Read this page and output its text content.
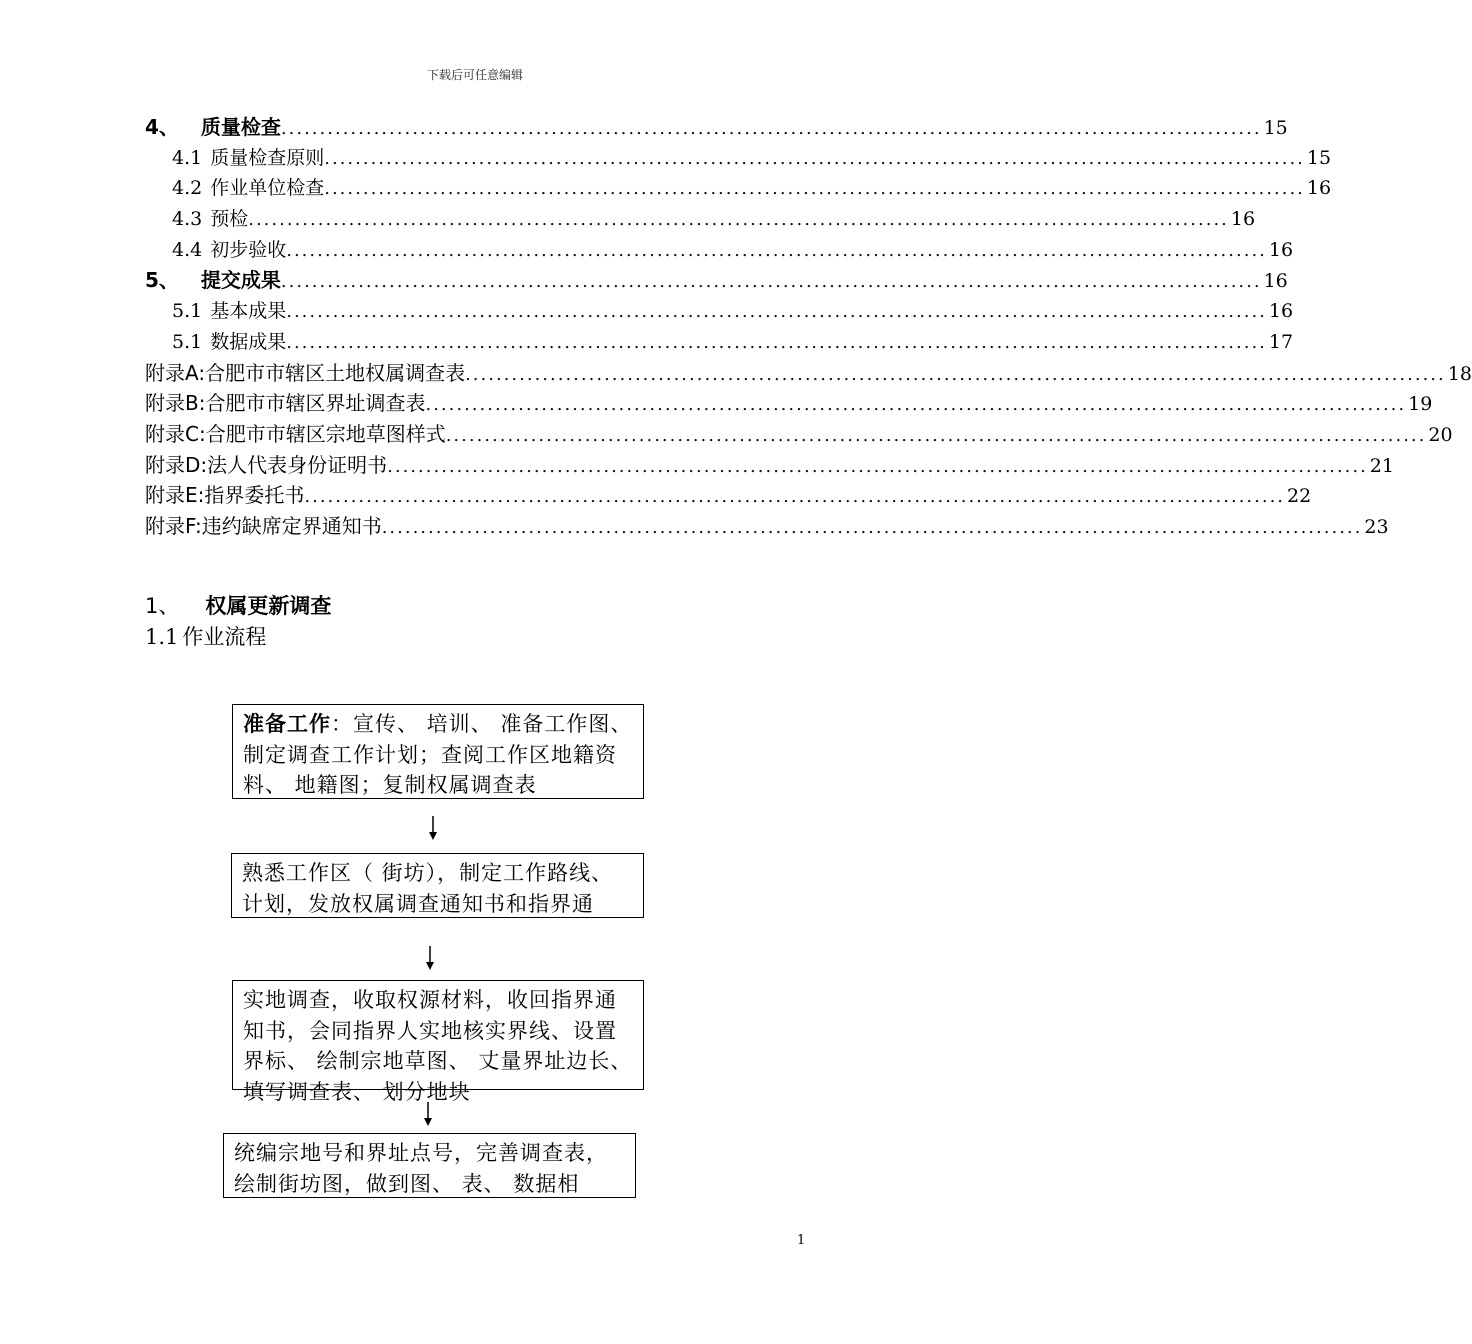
下载后可任意编辑
4、 质量检查 .....	15
4.1 质量检查原则 .....	15
4.2 作业单位检查 .....	16
4.3 预检 .....	16
4.4 初步验收 .....	16
5、 提交成果 .....	16
5.1 基本成果 .....	16
5.1 数据成果 .....	17
附录A: 合肥市市辖区土地权属调查表 .....	18
附录B: 合肥市市辖区界址调查表 .....	19
附录C: 合肥市市辖区宗地草图样式 .....	20
附录D: 法人代表身份证明书 .....	21
附录E: 指界委托书 .....	22
附录F: 违约缺席定界通知书 .....	23
1、 权属更新调查
1.1 作业流程
准备工作：宣传、 培训、 准备工作图、 制定调查工作计划；查阅工作区地籍资料、 地籍图；复制权属调查表
熟悉工作区（ 街坊），制定工作路线、 计划，发放权属调查通知书和指界通
实地调查，收取权源材料，收回指界通知书，会同指界人实地核实界线、设置界标、 绘制宗地草图、 丈量界址边长、 填写调查表、 划分地块
统编宗地号和界址点号，完善调查表，绘制街坊图，做到图、 表、 数据相
1
